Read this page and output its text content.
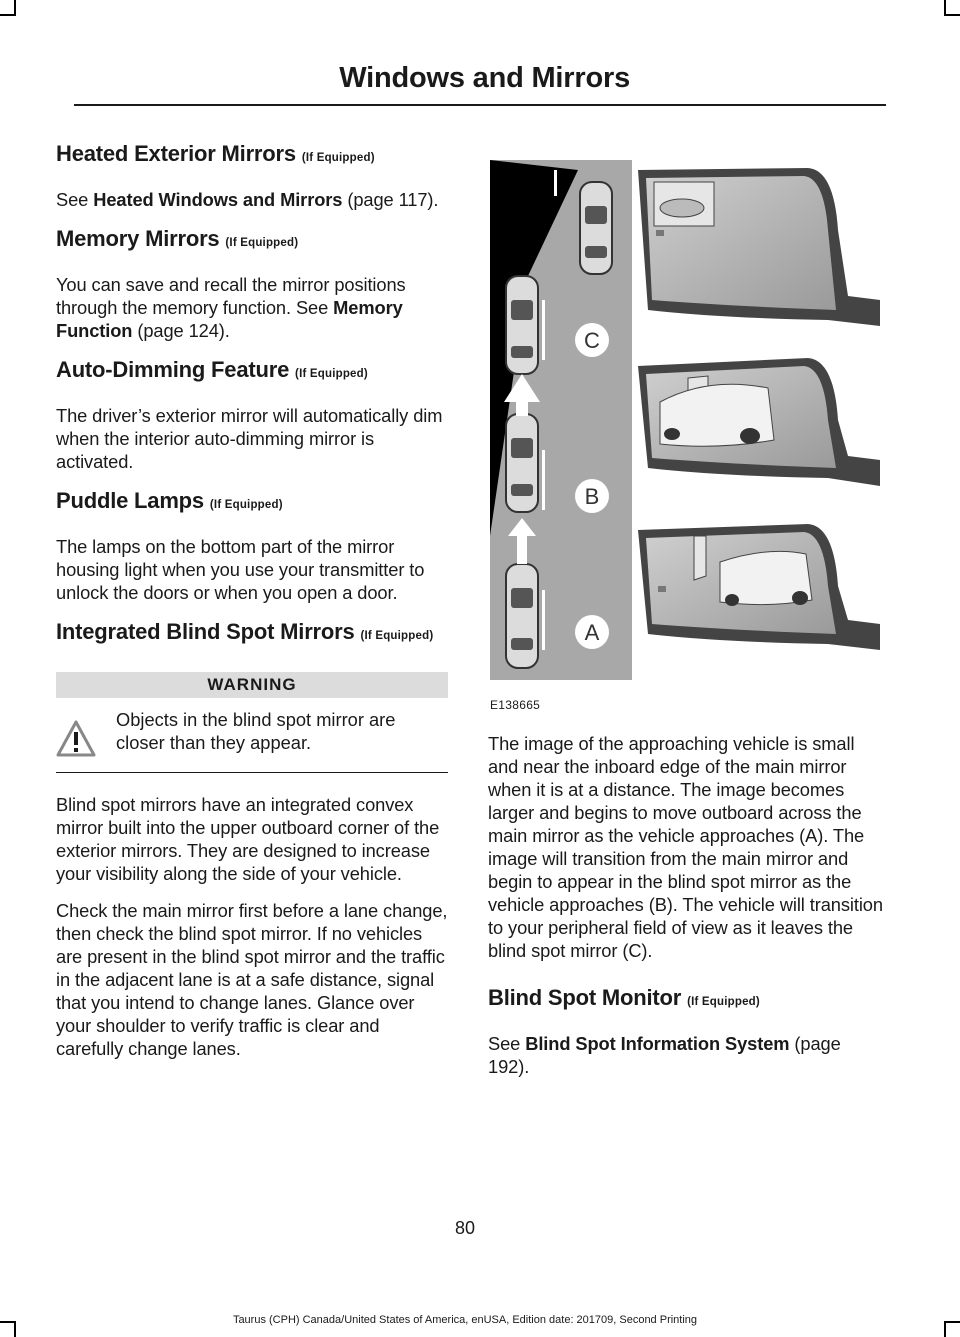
Windows and Mirrors
Heated Exterior Mirrors (If Equipped)

See Heated Windows and Mirrors (page 117).

Memory Mirrors (If Equipped)

You can save and recall the mirror positions through the memory function. See Memory Function (page 124).

Auto-Dimming Feature (If Equipped)

The driver’s exterior mirror will automatically dim when the interior auto-dimming mirror is activated.

Puddle Lamps (If Equipped)

The lamps on the bottom part of the mirror housing light when you use your transmitter to unlock the doors or when you open a door.

Integrated Blind Spot Mirrors (If Equipped)
WARNING
Objects in the blind spot mirror are closer than they appear.

Blind spot mirrors have an integrated convex mirror built into the upper outboard corner of the exterior mirrors. They are designed to increase your visibility along the side of your vehicle.

Check the main mirror first before a lane change, then check the blind spot mirror. If no vehicles are present in the blind spot mirror and the traffic in the adjacent lane is at a safe distance, signal that you intend to change lanes. Glance over your shoulder to verify traffic is clear and carefully change lanes.

C
B
A
E138665

The image of the approaching vehicle is small and near the inboard edge of the main mirror when it is at a distance. The image becomes larger and begins to move outboard across the main mirror as the vehicle approaches (A). The image will transition from the main mirror and begin to appear in the blind spot mirror as the vehicle approaches (B). The vehicle will transition to your peripheral field of view as it leaves the blind spot mirror (C).

Blind Spot Monitor (If Equipped)

See Blind Spot Information System (page 192).

80
Taurus (CPH) Canada/United States of America, enUSA, Edition date: 201709, Second Printing
